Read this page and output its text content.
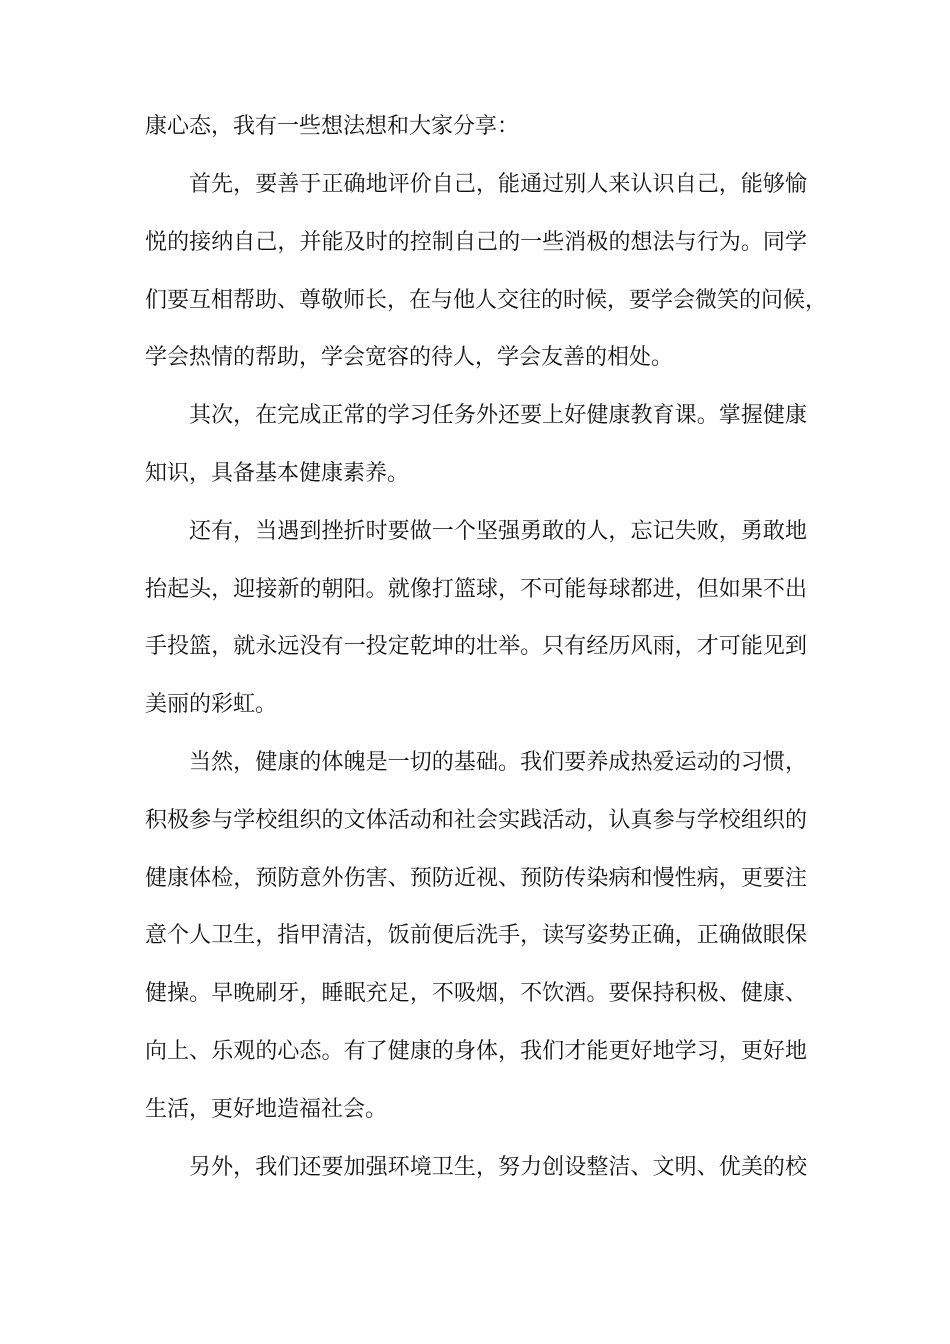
康心态，我有一些想法想和大家分享：
首先，要善于正确地评价自己，能通过别人来认识自己，能够愉
悦的接纳自己，并能及时的控制自己的一些消极的想法与行为。同学
们要互相帮助、尊敬师长，在与他人交往的时候，要学会微笑的问候，
学会热情的帮助，学会宽容的待人，学会友善的相处。
其次，在完成正常的学习任务外还要上好健康教育课。掌握健康
知识，具备基本健康素养。
还有，当遇到挫折时要做一个坚强勇敢的人，忘记失败，勇敢地
抬起头，迎接新的朝阳。就像打篮球，不可能每球都进，但如果不出
手投篮，就永远没有一投定乾坤的壮举。只有经历风雨，才可能见到
美丽的彩虹。
当然，健康的体魄是一切的基础。我们要养成热爱运动的习惯，
积极参与学校组织的文体活动和社会实践活动，认真参与学校组织的
健康体检，预防意外伤害、预防近视、预防传染病和慢性病，更要注
意个人卫生，指甲清洁，饭前便后洗手，读写姿势正确，正确做眼保
健操。早晚刷牙，睡眠充足，不吸烟，不饮酒。要保持积极、健康、
向上、乐观的心态。有了健康的身体，我们才能更好地学习，更好地
生活，更好地造福社会。
另外，我们还要加强环境卫生，努力创设整洁、文明、优美的校
